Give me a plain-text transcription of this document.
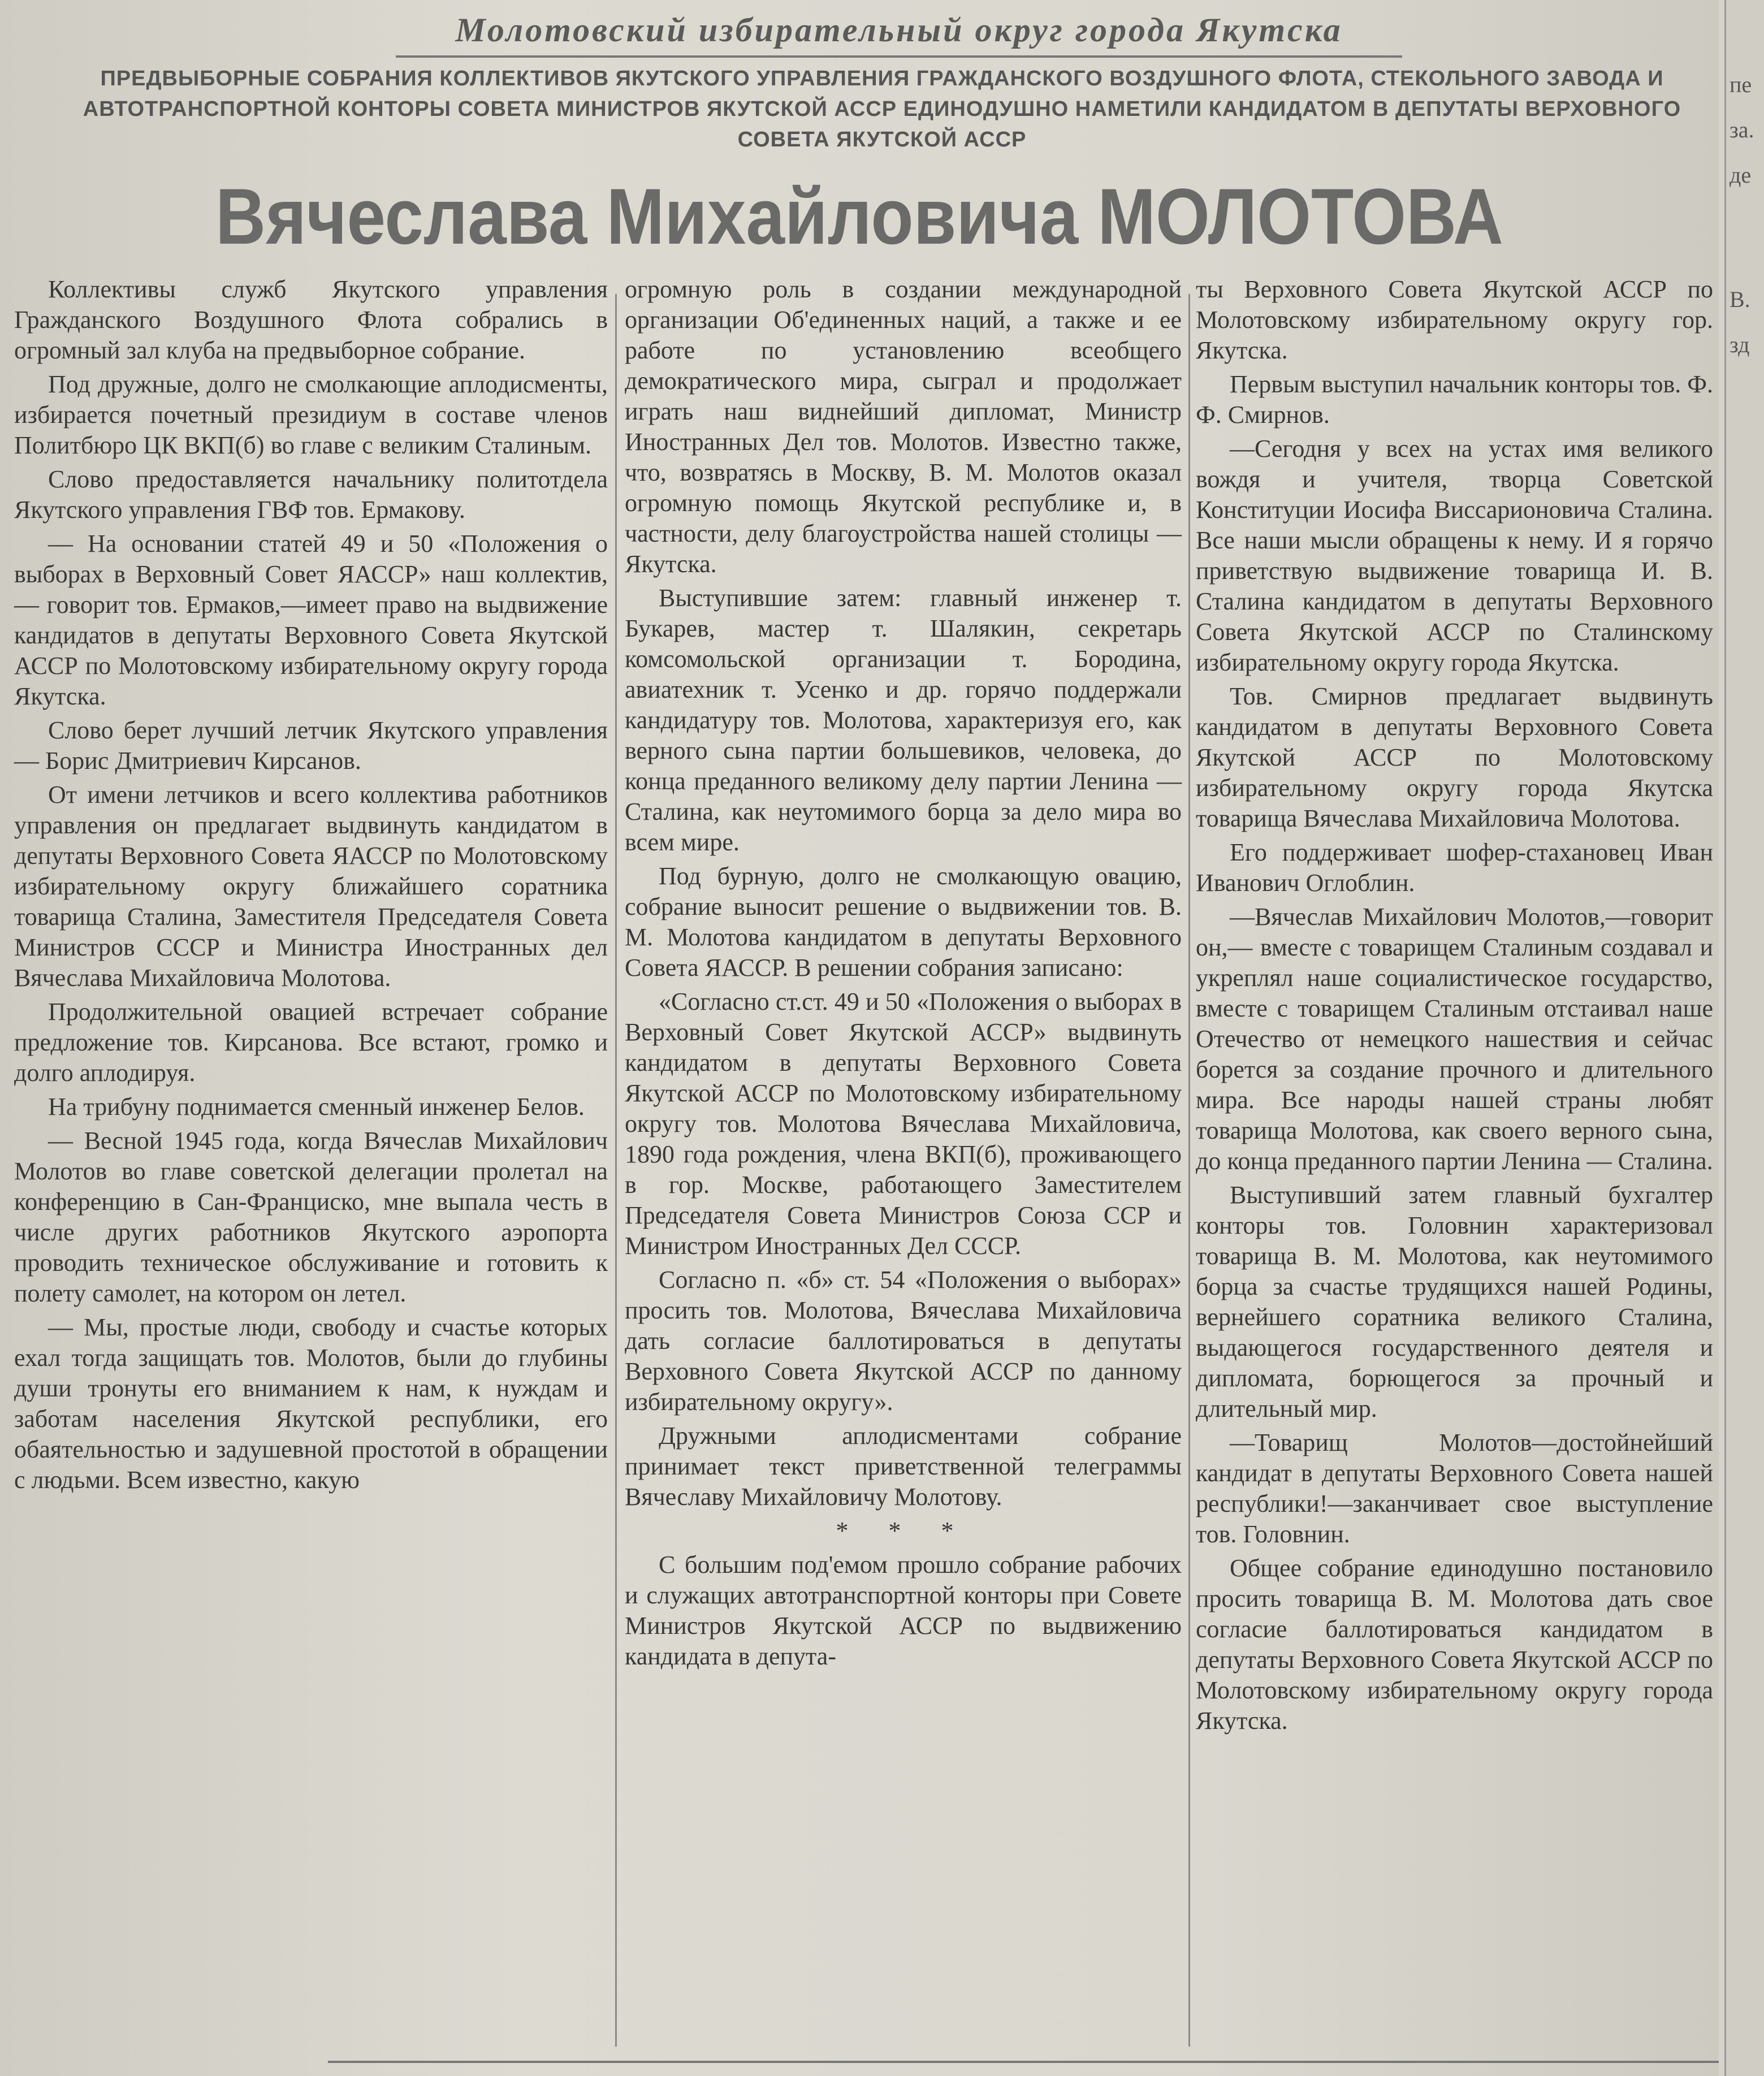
Молотовский избирательный округ города Якутска
ПРЕДВЫБОРНЫЕ СОБРАНИЯ КОЛЛЕКТИВОВ ЯКУТСКОГО УПРАВЛЕНИЯ ГРАЖДАНСКОГО ВОЗДУШНОГО ФЛОТА, СТЕКОЛЬНОГО ЗАВОДА И АВТОТРАНСПОРТНОЙ КОНТОРЫ СОВЕТА МИНИСТРОВ ЯКУТСКОЙ АССР ЕДИНОДУШНО НАМЕТИЛИ КАНДИДАТОМ В ДЕПУТАТЫ ВЕРХОВНОГО СОВЕТА ЯКУТСКОЙ АССР
Вячеслава Михайловича МОЛОТОВА

Коллективы служб Якутского управления Гражданского Воздушного Флота собрались в огромный зал клуба на предвыборное собрание.

Под дружные, долго не смолкающие аплодисменты, избирается почетный президиум в составе членов Политбюро ЦК ВКП(б) во главе с великим Сталиным.

Слово предоставляется начальнику политотдела Якутского управления ГВФ тов. Ермакову.

— На основании статей 49 и 50 «Положения о выборах в Верховный Совет ЯАССР» наш коллектив, — говорит тов. Ермаков,—имеет право на выдвижение кандидатов в депутаты Верховного Совета Якутской АССР по Молотовскому избирательному округу города Якутска.

Слово берет лучший летчик Якутского управления — Борис Дмитриевич Кирсанов.

От имени летчиков и всего коллектива работников управления он предлагает выдвинуть кандидатом в депутаты Верховного Совета ЯАССР по Молотовскому избирательному округу ближайшего соратника товарища Сталина, Заместителя Председателя Совета Министров СССР и Министра Иностранных дел Вячеслава Михайловича Молотова.

Продолжительной овацией встречает собрание предложение тов. Кирсанова. Все встают, громко и долго аплодируя.

На трибуну поднимается сменный инженер Белов.

— Весной 1945 года, когда Вячеслав Михайлович Молотов во главе советской делегации пролетал на конференцию в Сан-Франциско, мне выпала честь в числе других работников Якутского аэропорта проводить техническое обслуживание и готовить к полету самолет, на котором он летел.

— Мы, простые люди, свободу и счастье которых ехал тогда защищать тов. Молотов, были до глубины души тронуты его вниманием к нам, к нуждам и заботам населения Якутской республики, его обаятельностью и задушевной простотой в обращении с людьми. Всем известно, какую

огромную роль в создании международной организации Об'единенных наций, а также и ее работе по установлению всеобщего демократического мира, сыграл и продолжает играть наш виднейший дипломат, Министр Иностранных Дел тов. Молотов. Известно также, что, возвратясь в Москву, В. М. Молотов оказал огромную помощь Якутской республике и, в частности, делу благоустройства нашей столицы — Якутска.

Выступившие затем: главный инженер т. Букарев, мастер т. Шалякин, секретарь комсомольской организации т. Бородина, авиатехник т. Усенко и др. горячо поддержали кандидатуру тов. Молотова, характеризуя его, как верного сына партии большевиков, человека, до конца преданного великому делу партии Ленина — Сталина, как неутомимого борца за дело мира во всем мире.

Под бурную, долго не смолкающую овацию, собрание выносит решение о выдвижении тов. В. М. Молотова кандидатом в депутаты Верховного Совета ЯАССР. В решении собрания записано:

«Согласно ст.ст. 49 и 50 «Положения о выборах в Верховный Совет Якутской АССР» выдвинуть кандидатом в депутаты Верховного Совета Якутской АССР по Молотовскому избирательному округу тов. Молотова Вячеслава Михайловича, 1890 года рождения, члена ВКП(б), проживающего в гор. Москве, работающего Заместителем Председателя Совета Министров Союза ССР и Министром Иностранных Дел СССР.

Согласно п. «б» ст. 54 «Положения о выборах» просить тов. Молотова, Вячеслава Михайловича дать согласие баллотироваться в депутаты Верховного Совета Якутской АССР по данному избирательному округу».

Дружными аплодисментами собрание принимает текст приветственной телеграммы Вячеславу Михайловичу Молотову.

* * *

С большим под'емом прошло собрание рабочих и служащих автотранспортной конторы при Совете Министров Якутской АССР по выдвижению кандидата в депута-

ты Верховного Совета Якутской АССР по Молотовскому избирательному округу гор. Якутска.

Первым выступил начальник конторы тов. Ф. Ф. Смирнов.

—Сегодня у всех на устах имя великого вождя и учителя, творца Советской Конституции Иосифа Виссарионовича Сталина. Все наши мысли обращены к нему. И я горячо приветствую выдвижение товарища И. В. Сталина кандидатом в депутаты Верховного Совета Якутской АССР по Сталинскому избирательному округу города Якутска.

Тов. Смирнов предлагает выдвинуть кандидатом в депутаты Верховного Совета Якутской АССР по Молотовскому избирательному округу города Якутска товарища Вячеслава Михайловича Молотова.

Его поддерживает шофер-стахановец Иван Иванович Оглоблин.

—Вячеслав Михайлович Молотов,—говорит он,— вместе с товарищем Сталиным создавал и укреплял наше социалистическое государство, вместе с товарищем Сталиным отстаивал наше Отечество от немецкого нашествия и сейчас борется за создание прочного и длительного мира. Все народы нашей страны любят товарища Молотова, как своего верного сына, до конца преданного партии Ленина — Сталина.

Выступивший затем главный бухгалтер конторы тов. Головнин характеризовал товарища В. М. Молотова, как неутомимого борца за счастье трудящихся нашей Родины, вернейшего соратника великого Сталина, выдающегося государственного деятеля и дипломата, борющегося за прочный и длительный мир.

—Товарищ Молотов—достойнейший кандидат в депутаты Верховного Совета нашей республики!—заканчивает свое выступление тов. Головнин.

Общее собрание единодушно постановило просить товарища В. М. Молотова дать свое согласие баллотироваться кандидатом в депутаты Верховного Совета Якутской АССР по Молотовскому избирательному округу города Якутска.

пе
за.
де
В.
зд
